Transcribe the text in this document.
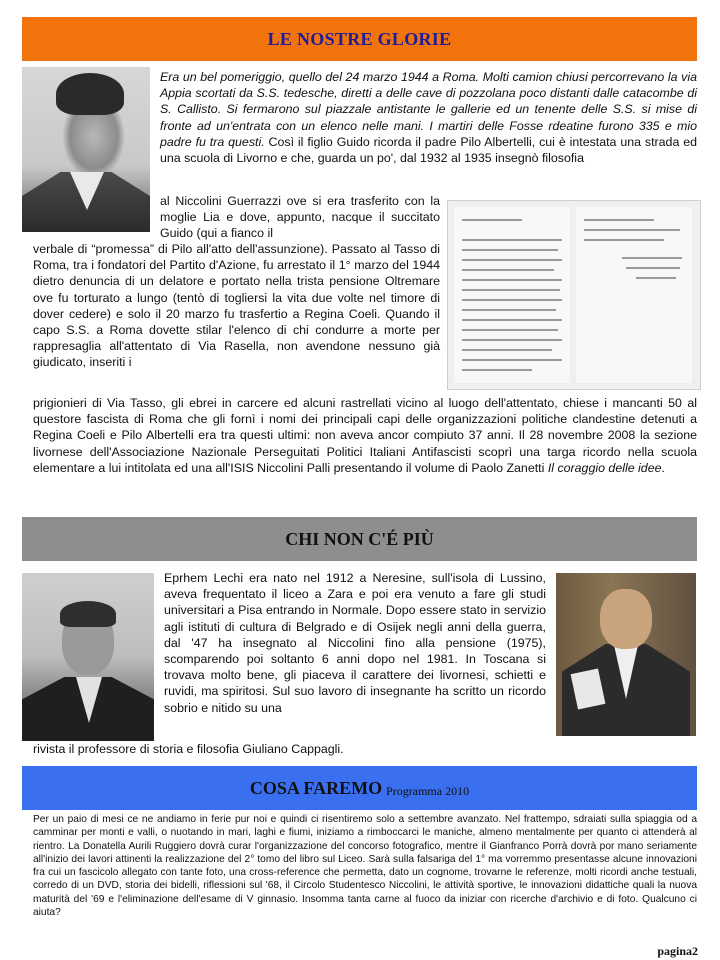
LE NOSTRE GLORIE

Era un bel pomeriggio, quello del 24 marzo 1944 a Roma. Molti camion chiusi percorrevano la via Appia scortati da S.S. tedesche, diretti a delle cave di pozzolana poco distanti dalle catacombe di S. Callisto. Si fermarono sul piazzale antistante le gallerie ed un tenente delle S.S. si mise di fronte ad un'entrata con un elenco nelle mani. I martiri delle Fosse rdeatine furono 335 e mio padre fu tra questi. Così il figlio Guido ricorda il padre Pilo Albertelli, cui è intestata una strada ed una scuola di Livorno e che, guarda un po', dal 1932 al 1935 insegnò filosofia

al Niccolini Guerrazzi ove si era trasferito con la moglie Lia e dove, appunto, nacque il succitato Guido (qui a fianco il

verbale di “promessa” di Pilo all'atto dell'assunzione). Passato al Tasso di Roma, tra i fondatori del Partito d'Azione, fu arrestato il 1° marzo del 1944 dietro denuncia di un delatore e portato nella trista pensione Oltremare ove fu torturato a lungo (tentò di togliersi la vita due volte nel timore di dover cedere) e solo il 20 marzo fu trasfertio a Regina Coeli. Quando il capo S.S. a Roma dovette stilar l'elenco di chi condurre a morte per rappresaglia all'attentato di Via Rasella, non avendone nessuno già giudicato, inseriti i

prigionieri di Via Tasso, gli ebrei in carcere ed alcuni rastrellati vicino al luogo dell'attentato, chiese i mancanti 50 al questore fascista di Roma che gli fornì i nomi dei principali capi delle organizzazioni politiche clandestine detenuti a Regina Coeli e Pilo Albertelli era tra questi ultimi: non aveva ancor compiuto 37 anni. Il 28 novembre 2008 la sezione livornese dell'Associazione Nazionale Perseguitati Politici Italiani Antifascisti scoprì una targa ricordo nella scuola elementare a lui intitolata ed una all'ISIS Niccolini Palli presentando il volume di Paolo Zanetti Il coraggio delle idee.

CHI NON C'É PIÙ

Eprhem Lechi era nato nel 1912 a Neresine, sull'isola di Lussino, aveva frequentato il liceo a Zara e poi era venuto a fare gli studi universitari a Pisa entrando in Normale. Dopo essere stato in servizio agli istituti di cultura di Belgrado e di Osijek negli anni della guerra, dal '47 ha insegnato al Niccolini fino alla pensione (1975), scomparendo poi soltanto 6 anni dopo nel 1981. In Toscana si trovava molto bene, gli piaceva il carattere dei livornesi, schietti e ruvidi, ma spiritosi. Sul suo lavoro di insegnante ha scritto un ricordo sobrio e nitido su una

rivista il professore di storia e filosofia Giuliano Cappagli.

COSA FAREMO Programma 2010

Per un paio di mesi ce ne andiamo in ferie pur noi e quindi ci risentiremo solo a settembre avanzato. Nel frattempo, sdraiati sulla spiaggia od a camminar per monti e valli, o nuotando in mari, laghi e fiumi, iniziamo a rimboccarci le maniche, almeno mentalmente per quanto ci attenderà al rientro. La Donatella Aurili Ruggiero dovrà curar l'organizzazione del concorso fotografico, mentre il Gianfranco Porrà dovrà por mano seriamente all'inizio dei lavori attinenti la realizzazione del 2° tomo del libro sul Liceo. Sarà sulla falsariga del 1° ma vorremmo presentasse alcune innovazioni fra cui un fascicolo allegato con tante foto, una cross-reference che permetta, dato un cognome, trovarne le referenze, molti ricordi anche testuali, corredo di un DVD, storia dei bidelli, riflessioni sul '68, il Circolo Studentesco Niccolini, le attività sportive, le innovazioni didattiche quali la nuova maturità del '69 e l'eliminazione dell'esame di V ginnasio. Insomma tanta carne al fuoco da iniziar con ricerche d'archivio e di foto. Qualcuno ci aiuta?

pagina2
